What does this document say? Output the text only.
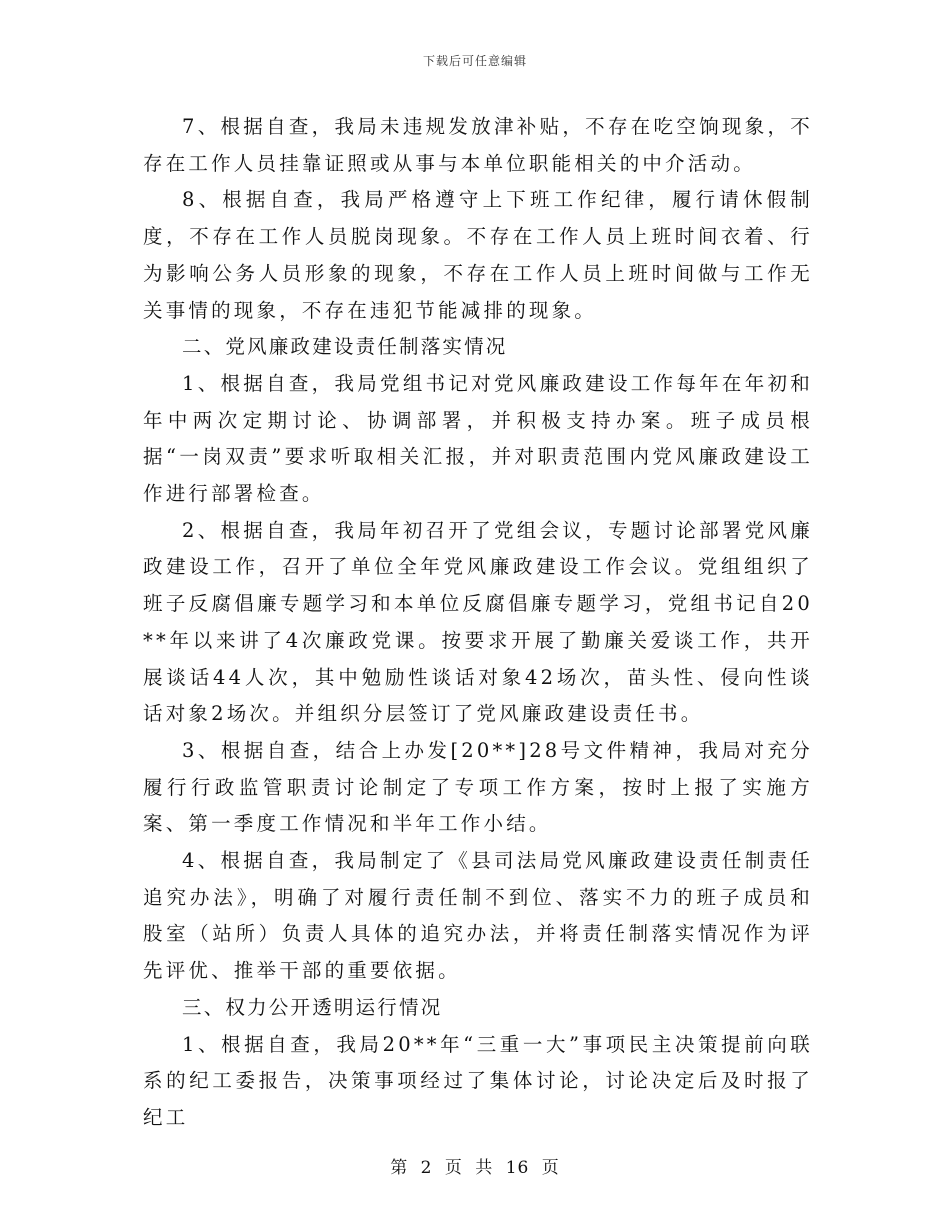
下载后可任意编辑

7、根据自查，我局未违规发放津补贴，不存在吃空饷现象，不存在工作人员挂靠证照或从事与本单位职能相关的中介活动。

8、根据自查，我局严格遵守上下班工作纪律，履行请休假制度，不存在工作人员脱岗现象。不存在工作人员上班时间衣着、行为影响公务人员形象的现象，不存在工作人员上班时间做与工作无关事情的现象，不存在违犯节能减排的现象。

二、党风廉政建设责任制落实情况

1、根据自查，我局党组书记对党风廉政建设工作每年在年初和年中两次定期讨论、协调部署，并积极支持办案。班子成员根据“一岗双责”要求听取相关汇报，并对职责范围内党风廉政建设工作进行部署检查。

2、根据自查，我局年初召开了党组会议，专题讨论部署党风廉政建设工作，召开了单位全年党风廉政建设工作会议。党组组织了班子反腐倡廉专题学习和本单位反腐倡廉专题学习，党组书记自20**年以来讲了4次廉政党课。按要求开展了勤廉关爱谈工作，共开展谈话44人次，其中勉励性谈话对象42场次，苗头性、侵向性谈话对象2场次。并组织分层签订了党风廉政建设责任书。

3、根据自查，结合上办发[20**]28号文件精神，我局对充分履行行政监管职责讨论制定了专项工作方案，按时上报了实施方案、第一季度工作情况和半年工作小结。

4、根据自查，我局制定了《县司法局党风廉政建设责任制责任追究办法》，明确了对履行责任制不到位、落实不力的班子成员和股室（站所）负责人具体的追究办法，并将责任制落实情况作为评先评优、推举干部的重要依据。

三、权力公开透明运行情况

1、根据自查，我局20**年“三重一大”事项民主决策提前向联系的纪工委报告，决策事项经过了集体讨论，讨论决定后及时报了纪工

第 2 页 共 16 页
